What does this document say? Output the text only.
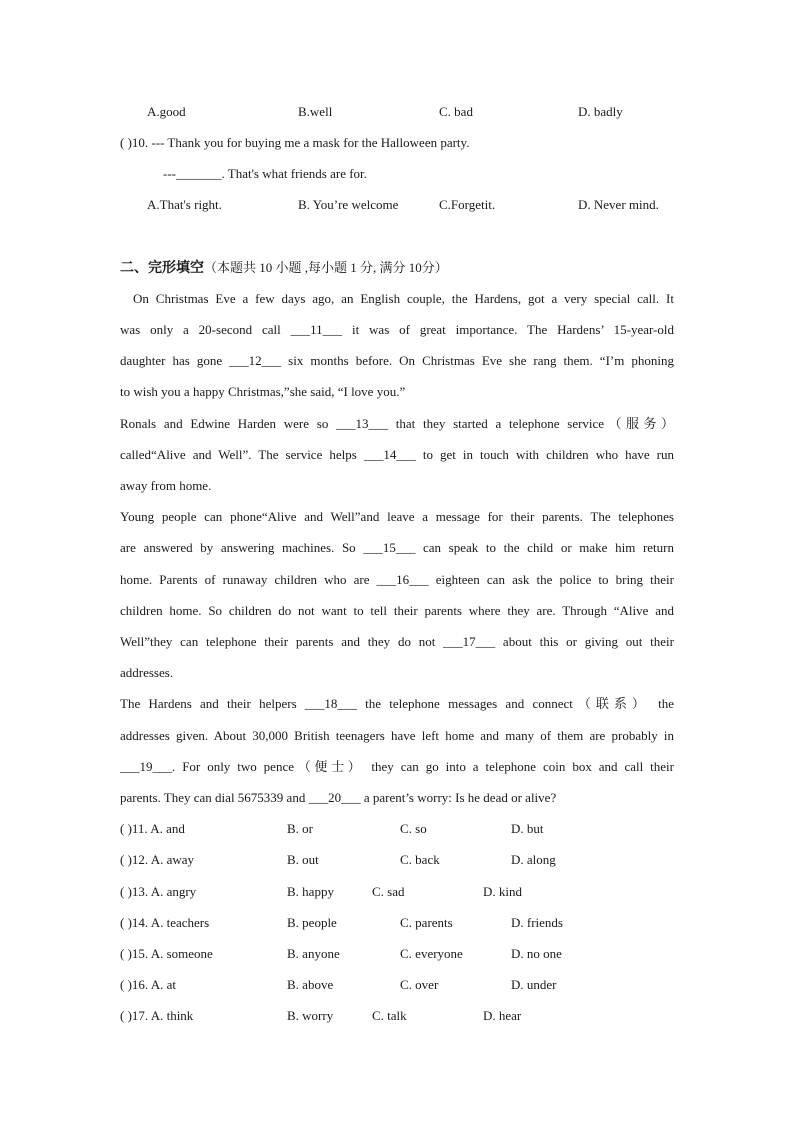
A.good	B.well	C. bad	D. badly
( )10. --- Thank you for buying me a mask for the Halloween party.
---_______. That's what friends are for.
A.That's right.	B. You’re welcome	C.Forgetit.	D. Never mind.
二、完形填空（本题共 10 小题 ,每小题 1 分, 满分 10分）
On Christmas Eve a few days ago, an English couple, the Hardens, got a very special call. It
was only a 20-second call ___11___ it was of great importance. The Hardens’ 15-year-old
daughter has gone ___12___ six months before. On Christmas Eve she rang them. “I’m phoning
to wish you a happy Christmas,”she said, “I love you.”
Ronals and Edwine Harden were so ___13___ that they started a telephone service（服务）
called“Alive and Well”. The service helps ___14___ to get in touch with children who have run
away from home.
Young people can phone“Alive and Well”and leave a message for their parents. The telephones
are answered by answering machines. So ___15___ can speak to the child or make him return
home. Parents of runaway children who are ___16___ eighteen can ask the police to bring their
children home. So children do not want to tell their parents where they are. Through “Alive and
Well”they can telephone their parents and they do not ___17___ about this or giving out their
addresses.
The Hardens and their helpers ___18___ the telephone messages and connect（联系） the
addresses given. About 30,000 British teenagers have left home and many of them are probably in
___19___. For only two pence（便士） they can go into a telephone coin box and call their
parents. They can dial 5675339 and ___20___ a parent’s worry: Is he dead or alive?
( )11. A. and	B. or	C. so	D. but
( )12. A. away	B. out	C. back	D. along
( )13. A. angry	B. happy	C. sad	D. kind
( )14. A. teachers	B. people	C. parents	D. friends
( )15. A. someone	B. anyone	C. everyone	D. no one
( )16. A. at	B. above	C. over	D. under
( )17. A. think	B. worry	C. talk	D. hear
